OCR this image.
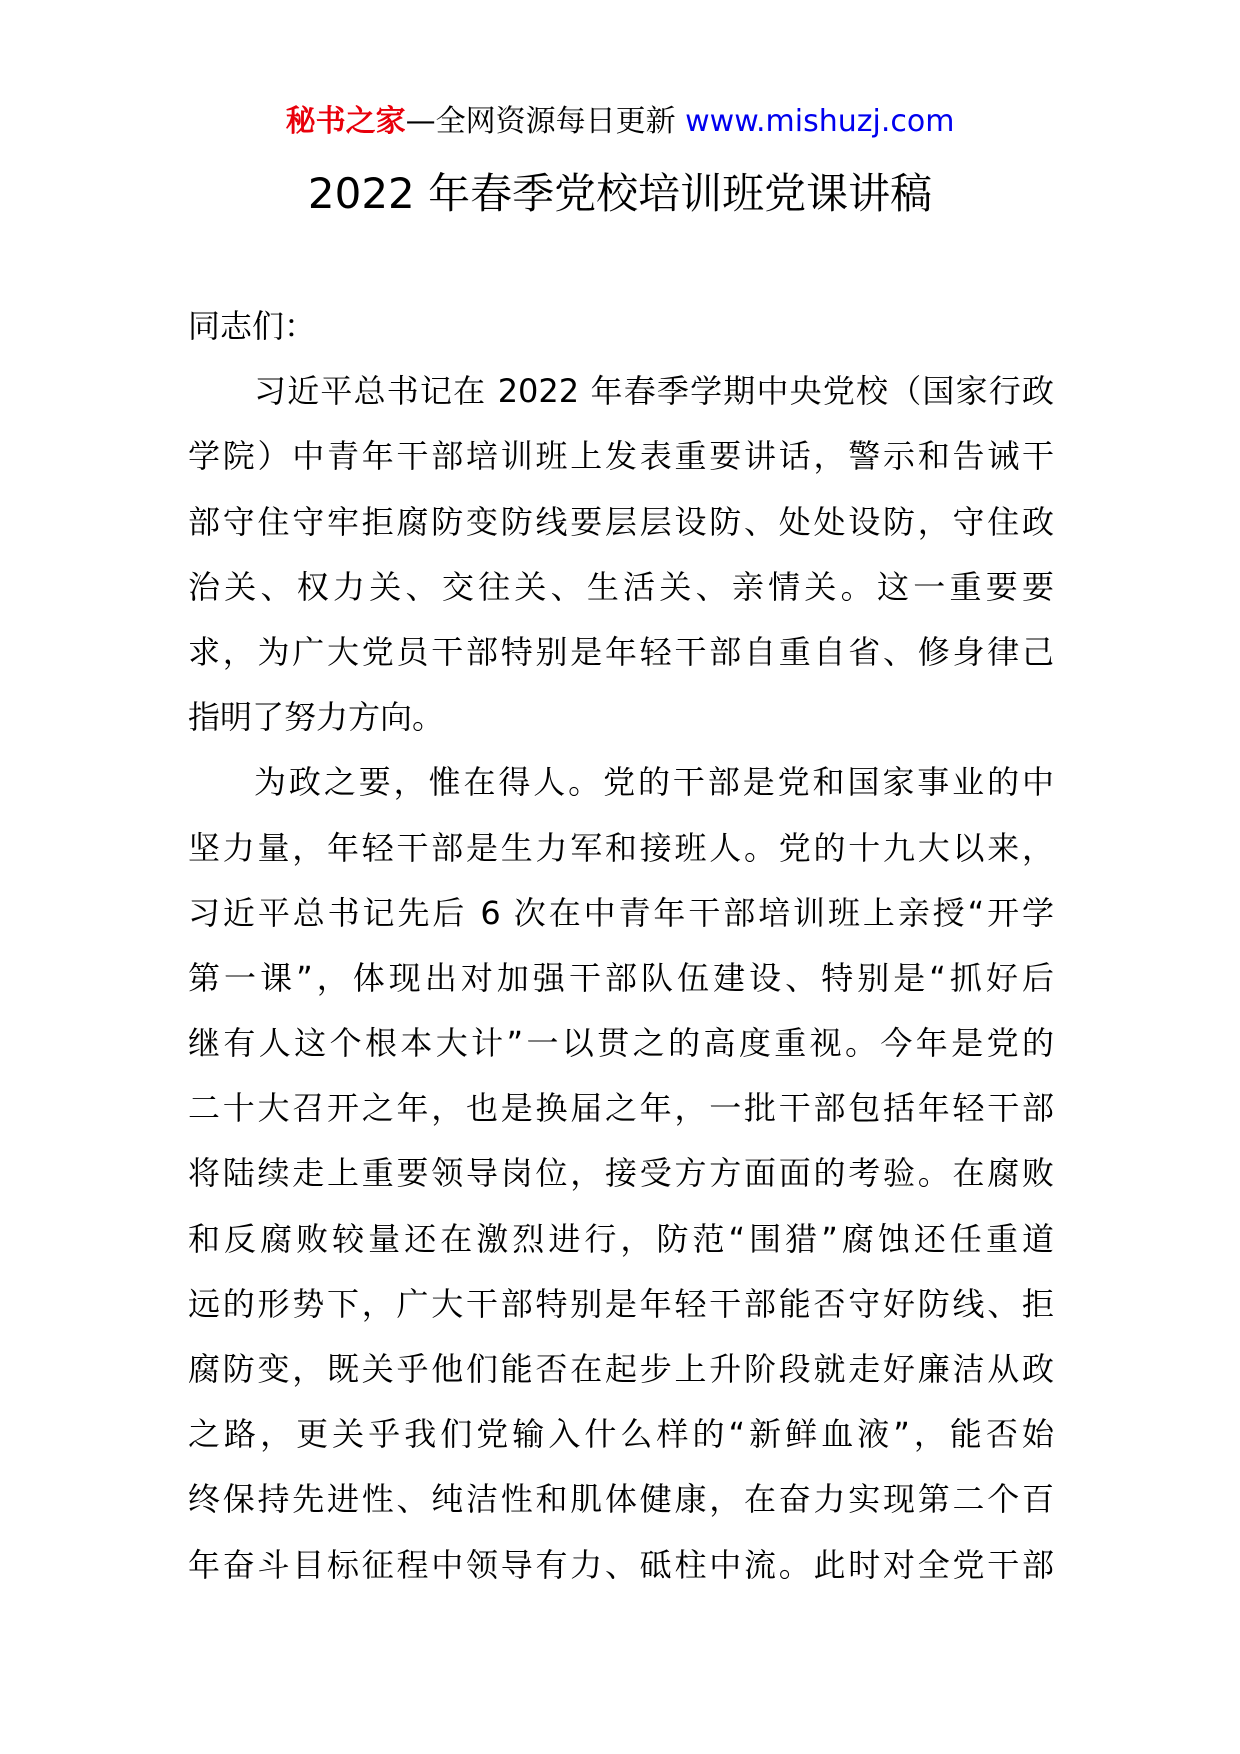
秘书之家—全网资源每日更新 www.mishuzj.com
2022 年春季党校培训班党课讲稿
同志们：
习近平总书记在 2022 年春季学期中央党校（国家行政
学院）中青年干部培训班上发表重要讲话，警示和告诫干
部守住守牢拒腐防变防线要层层设防、处处设防，守住政
治关、权力关、交往关、生活关、亲情关。这一重要要
求，为广大党员干部特别是年轻干部自重自省、修身律己
指明了努力方向。
为政之要，惟在得人。党的干部是党和国家事业的中
坚力量，年轻干部是生力军和接班人。党的十九大以来，
习近平总书记先后 6 次在中青年干部培训班上亲授“开学
第一课”，体现出对加强干部队伍建设、特别是“抓好后
继有人这个根本大计”一以贯之的高度重视。今年是党的
二十大召开之年，也是换届之年，一批干部包括年轻干部
将陆续走上重要领导岗位，接受方方面面的考验。在腐败
和反腐败较量还在激烈进行，防范“围猎”腐蚀还任重道
远的形势下，广大干部特别是年轻干部能否守好防线、拒
腐防变，既关乎他们能否在起步上升阶段就走好廉洁从政
之路，更关乎我们党输入什么样的“新鲜血液”，能否始
终保持先进性、纯洁性和肌体健康，在奋力实现第二个百
年奋斗目标征程中领导有力、砥柱中流。此时对全党干部
